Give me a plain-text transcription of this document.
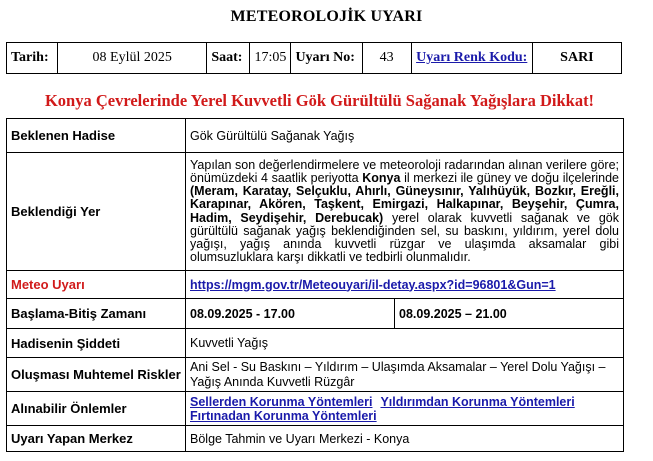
METEOROLOJİK UYARI
Tarih:	08 Eylül 2025	Saat:	17:05	Uyarı No:	43	Uyarı Renk Kodu:	SARI
Konya Çevrelerinde Yerel Kuvvetli Gök Gürültülü Sağanak Yağışlara Dikkat!
Beklenen Hadise	Gök Gürültülü Sağanak Yağış	
Beklendiği Yer	Yapılan son değerlendirmelere ve meteoroloji radarından alınan verilere göre; önümüzdeki 4 saatlik periyotta Konya il merkezi ile güney ve doğu ilçelerinde (Meram, Karatay, Selçuklu, Ahırlı, Güneysınır, Yalıhüyük, Bozkır, Ereğli, Karapınar, Akören, Taşkent, Emirgazi, Halkapınar, Beyşehir, Çumra, Hadim, Seydişehir, Derebucak) yerel olarak kuvvetli sağanak ve gök gürültülü sağanak yağış beklendiğinden sel, su baskını, yıldırım, yerel dolu yağışı, yağış anında kuvvetli rüzgar ve ulaşımda aksamalar gibi olumsuzluklara karşı dikkatli ve tedbirli olunmalıdır.	
Meteo Uyarı	https://mgm.gov.tr/Meteouyari/il-detay.aspx?id=96801&Gun=1	
Başlama-Bitiş Zamanı	08.09.2025 - 17.00	08.09.2025 – 21.00
Hadisenin Şiddeti	Kuvvetli Yağış	
Oluşması Muhtemel Riskler	Ani Sel - Su Baskını – Yıldırım – Ulaşımda Aksamalar – Yerel Dolu Yağışı – Yağış Anında Kuvvetli Rüzgâr	
Alınabilir Önlemler	Sellerden Korunma Yöntemleri Yıldırımdan Korunma Yöntemleri
Fırtınadan Korunma Yöntemleri	
Uyarı Yapan Merkez	Bölge Tahmin ve Uyarı Merkezi - Konya	
